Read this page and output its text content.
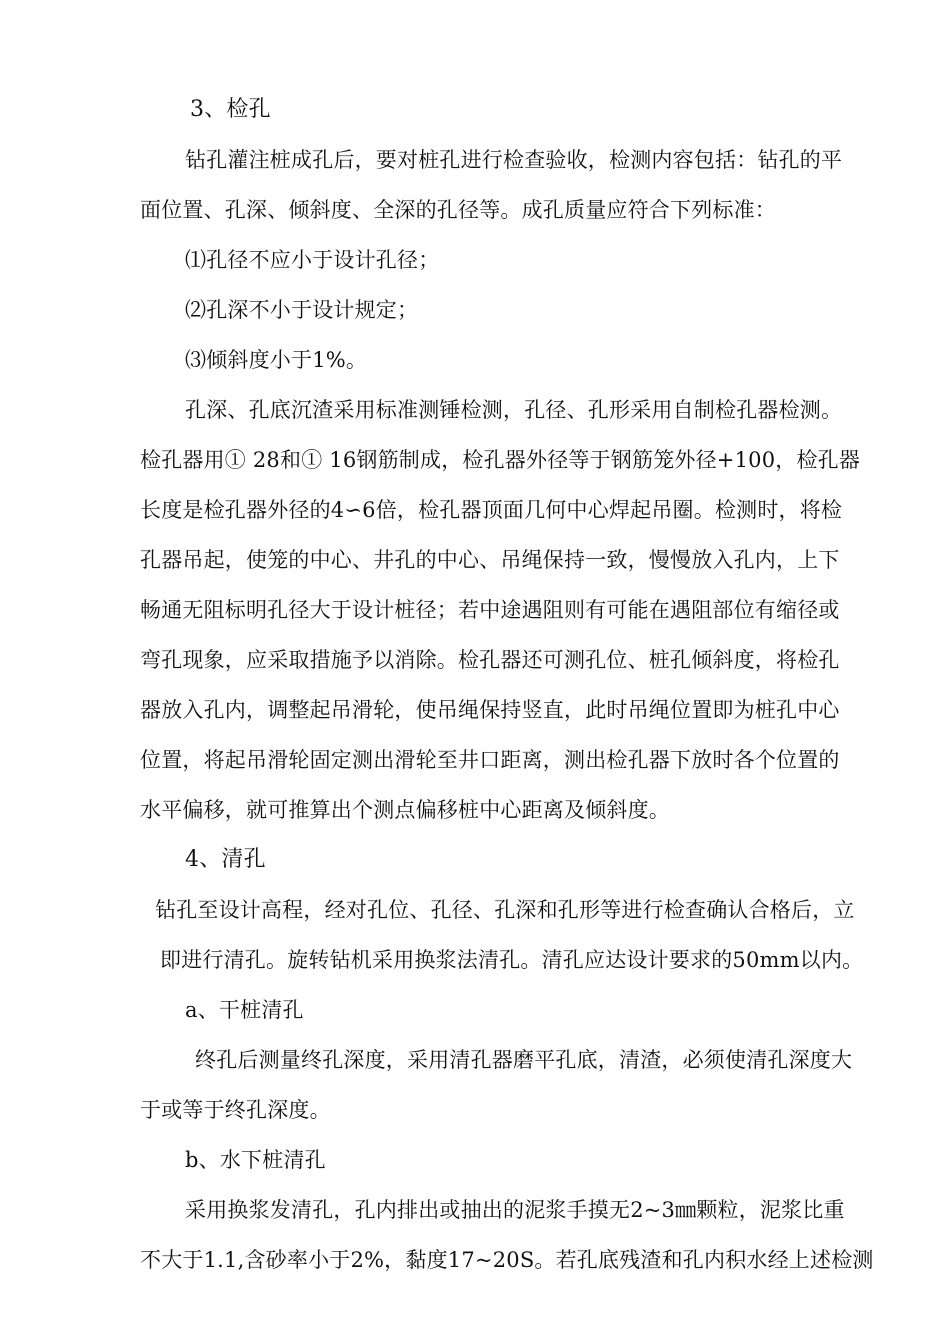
3、检孔
钻孔灌注桩成孔后，要对桩孔进行检查验收，检测内容包括：钻孔的平
面位置、孔深、倾斜度、全深的孔径等。成孔质量应符合下列标准：
⑴孔径不应小于设计孔径；
⑵孔深不小于设计规定；
⑶倾斜度小于1%。
孔深、孔底沉渣采用标准测锤检测，孔径、孔形采用自制检孔器检测。
检孔器用① 28和① 16钢筋制成，检孔器外径等于钢筋笼外径+100，检孔器
长度是检孔器外径的4∽6倍，检孔器顶面几何中心焊起吊圈。检测时，将检
孔器吊起，使笼的中心、井孔的中心、吊绳保持一致，慢慢放入孔内，上下
畅通无阻标明孔径大于设计桩径；若中途遇阻则有可能在遇阻部位有缩径或
弯孔现象，应采取措施予以消除。检孔器还可测孔位、桩孔倾斜度，将检孔
器放入孔内，调整起吊滑轮，使吊绳保持竖直，此时吊绳位置即为桩孔中心
位置，将起吊滑轮固定测出滑轮至井口距离，测出检孔器下放时各个位置的
水平偏移，就可推算出个测点偏移桩中心距离及倾斜度。
4、清孔
钻孔至设计高程，经对孔位、孔径、孔深和孔形等进行检查确认合格后，立
即进行清孔。旋转钻机采用换浆法清孔。清孔应达设计要求的50mm以内。
a、干桩清孔
终孔后测量终孔深度，采用清孔器磨平孔底，清渣，必须使清孔深度大
于或等于终孔深度。
b、水下桩清孔
采用换浆发清孔，孔内排出或抽出的泥浆手摸无2~3㎜颗粒，泥浆比重
不大于1.1,含砂率小于2%，黏度17~20S。若孔底残渣和孔内积水经上述检测
